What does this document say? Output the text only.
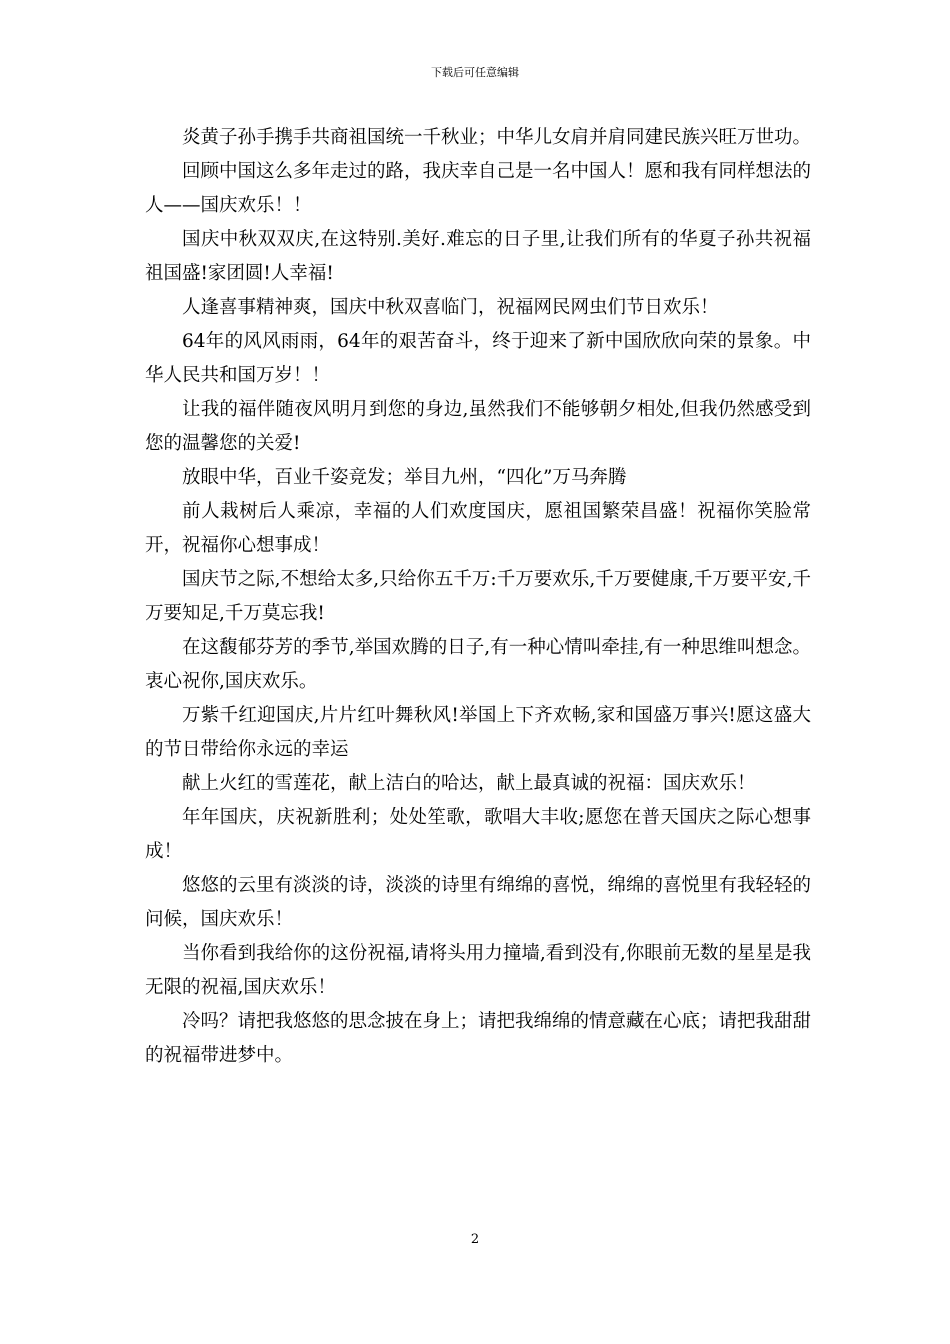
下载后可任意编辑

炎黄子孙手携手共商祖国统一千秋业；中华儿女肩并肩同建民族兴旺万世功。

回顾中国这么多年走过的路，我庆幸自己是一名中国人！愿和我有同样想法的人——国庆欢乐！！

国庆中秋双双庆,在这特别.美好.难忘的日子里,让我们所有的华夏子孙共祝福祖国盛!家团圆!人幸福!

人逢喜事精神爽，国庆中秋双喜临门，祝福网民网虫们节日欢乐！

64年的风风雨雨，64年的艰苦奋斗，终于迎来了新中国欣欣向荣的景象。中华人民共和国万岁！！

让我的福伴随夜风明月到您的身边,虽然我们不能够朝夕相处,但我仍然感受到您的温馨您的关爱!

放眼中华，百业千姿竞发；举目九州，“四化”万马奔腾

前人栽树后人乘凉，幸福的人们欢度国庆，愿祖国繁荣昌盛！祝福你笑脸常开，祝福你心想事成！

国庆节之际,不想给太多,只给你五千万:千万要欢乐,千万要健康,千万要平安,千万要知足,千万莫忘我!

在这馥郁芬芳的季节,举国欢腾的日子,有一种心情叫牵挂,有一种思维叫想念。衷心祝你,国庆欢乐。

万紫千红迎国庆,片片红叶舞秋风!举国上下齐欢畅,家和国盛万事兴!愿这盛大的节日带给你永远的幸运

献上火红的雪莲花，献上洁白的哈达，献上最真诚的祝福：国庆欢乐！

年年国庆，庆祝新胜利；处处笙歌，歌唱大丰收;愿您在普天国庆之际心想事成！

悠悠的云里有淡淡的诗，淡淡的诗里有绵绵的喜悦，绵绵的喜悦里有我轻轻的问候，国庆欢乐！

当你看到我给你的这份祝福,请将头用力撞墙,看到没有,你眼前无数的星星是我无限的祝福,国庆欢乐！

冷吗？请把我悠悠的思念披在身上；请把我绵绵的情意藏在心底；请把我甜甜的祝福带进梦中。

2
